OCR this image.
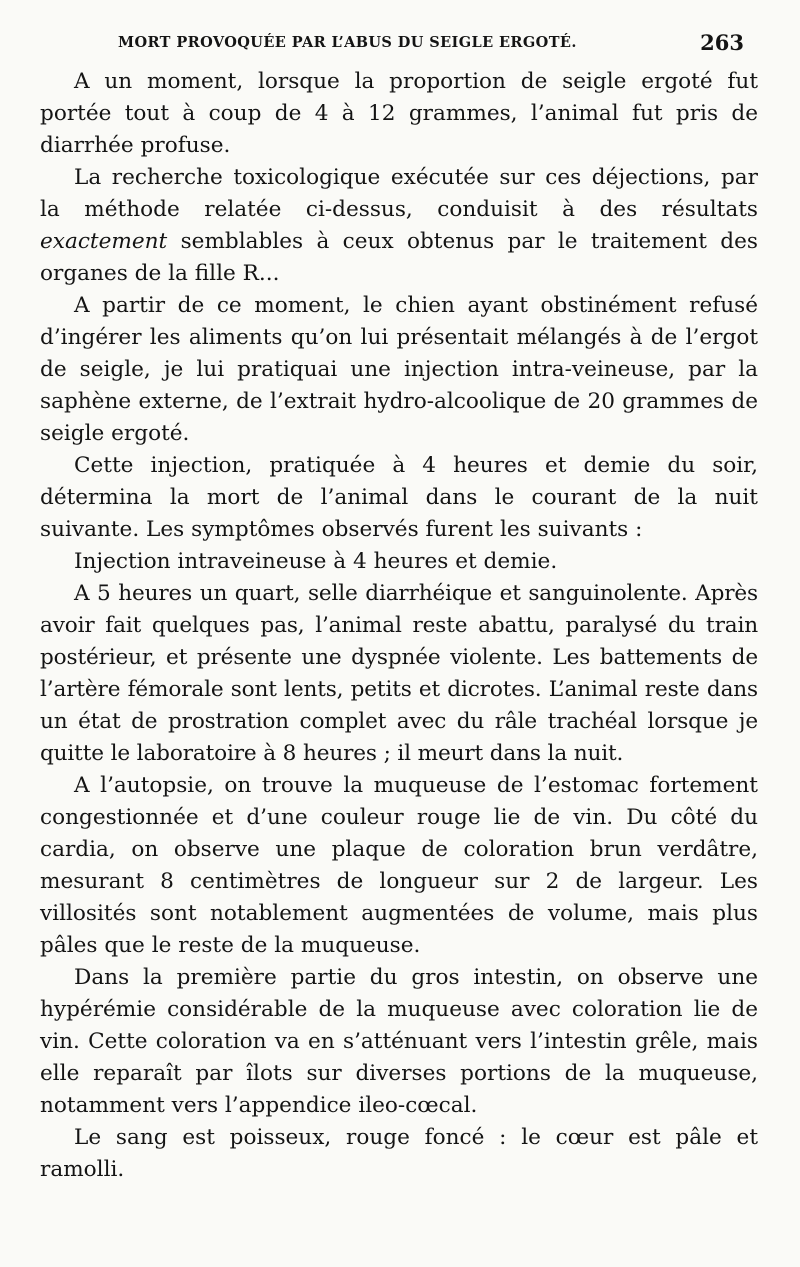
MORT PROVOQUÉE PAR L’ABUS DU SEIGLE ERGOTÉ.	263

A un moment, lorsque la proportion de seigle ergoté fut portée tout à coup de 4 à 12 grammes, l’animal fut pris de diarrhée profuse.

La recherche toxicologique exécutée sur ces déjections, par la méthode relatée ci-dessus, conduisit à des résultats exactement semblables à ceux obtenus par le traitement des organes de la fille R...

A partir de ce moment, le chien ayant obstinément refusé d’ingérer les aliments qu’on lui présentait mélangés à de l’ergot de seigle, je lui pratiquai une injection intra-veineuse, par la saphène externe, de l’extrait hydro-alcoolique de 20 grammes de seigle ergoté.

Cette injection, pratiquée à 4 heures et demie du soir, détermina la mort de l’animal dans le courant de la nuit suivante. Les symptômes observés furent les suivants :

Injection intraveineuse à 4 heures et demie.

A 5 heures un quart, selle diarrhéique et sanguinolente. Après avoir fait quelques pas, l’animal reste abattu, paralysé du train postérieur, et présente une dyspnée violente. Les battements de l’artère fémorale sont lents, petits et dicrotes. L’animal reste dans un état de prostration complet avec du râle trachéal lorsque je quitte le laboratoire à 8 heures ; il meurt dans la nuit.

A l’autopsie, on trouve la muqueuse de l’estomac fortement congestionnée et d’une couleur rouge lie de vin. Du côté du cardia, on observe une plaque de coloration brun verdâtre, mesurant 8 centimètres de longueur sur 2 de largeur. Les villosités sont notablement augmentées de volume, mais plus pâles que le reste de la muqueuse.

Dans la première partie du gros intestin, on observe une hypérémie considérable de la muqueuse avec coloration lie de vin. Cette coloration va en s’atténuant vers l’intestin grêle, mais elle reparaît par îlots sur diverses portions de la muqueuse, notamment vers l’appendice ileo-cœcal.

Le sang est poisseux, rouge foncé : le cœur est pâle et ramolli.
